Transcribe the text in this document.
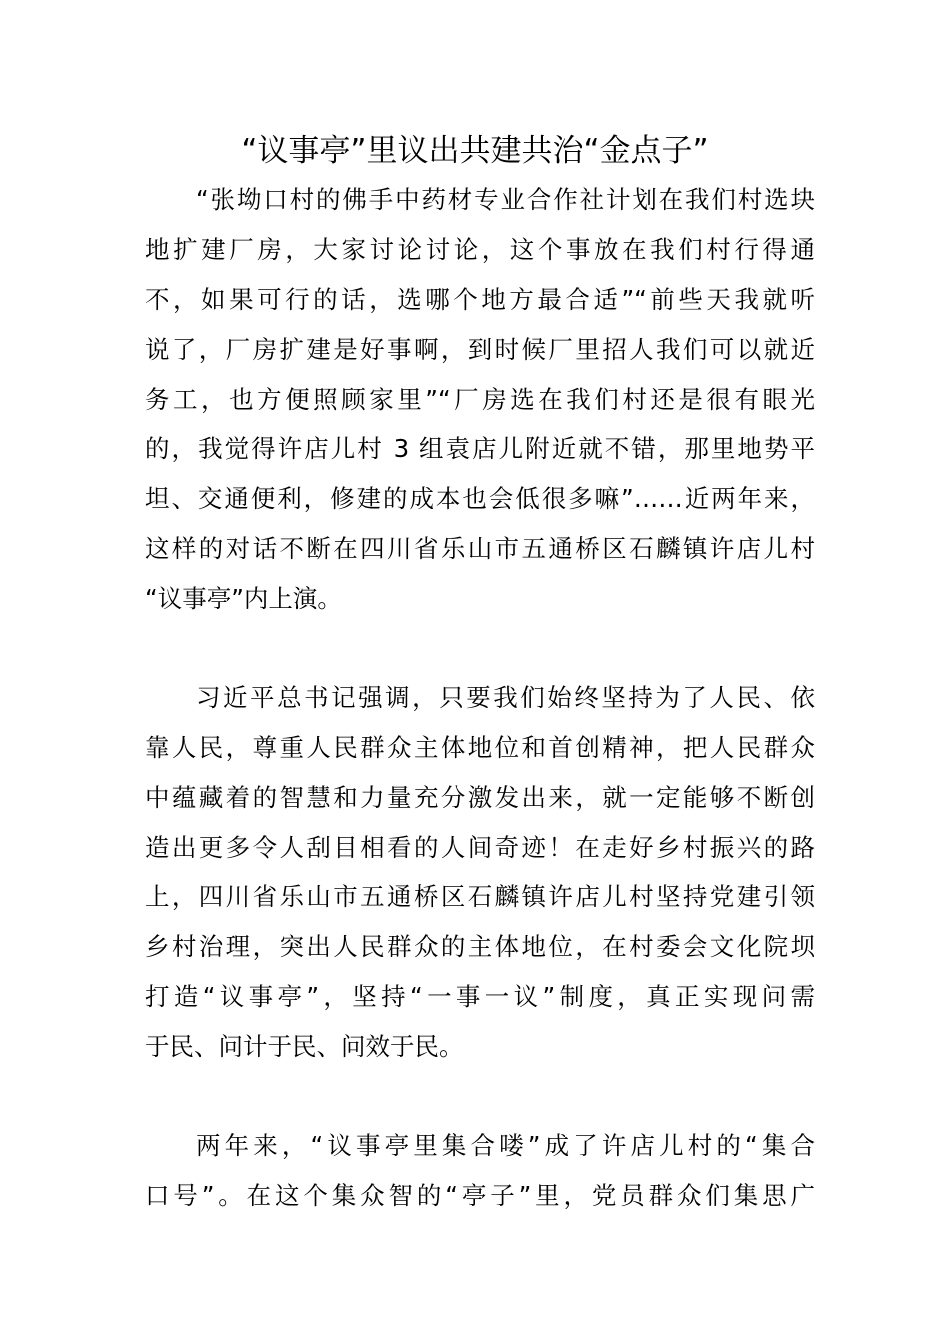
“议事亭”里议出共建共治“金点子”
“张坳口村的佛手中药材专业合作社计划在我们村选块
地扩建厂房，大家讨论讨论，这个事放在我们村行得通
不，如果可行的话，选哪个地方最合适”“前些天我就听
说了，厂房扩建是好事啊，到时候厂里招人我们可以就近
务工，也方便照顾家里”“厂房选在我们村还是很有眼光
的，我觉得许店儿村 3 组袁店儿附近就不错，那里地势平
坦、交通便利，修建的成本也会低很多嘛”……近两年来，
这样的对话不断在四川省乐山市五通桥区石麟镇许店儿村
“议事亭”内上演。
习近平总书记强调，只要我们始终坚持为了人民、依
靠人民，尊重人民群众主体地位和首创精神，把人民群众
中蕴藏着的智慧和力量充分激发出来，就一定能够不断创
造出更多令人刮目相看的人间奇迹！在走好乡村振兴的路
上，四川省乐山市五通桥区石麟镇许店儿村坚持党建引领
乡村治理，突出人民群众的主体地位，在村委会文化院坝
打造“议事亭”，坚持“一事一议”制度，真正实现问需
于民、问计于民、问效于民。
两年来，“议事亭里集合喽”成了许店儿村的“集合
口号”。在这个集众智的“亭子”里，党员群众们集思广
